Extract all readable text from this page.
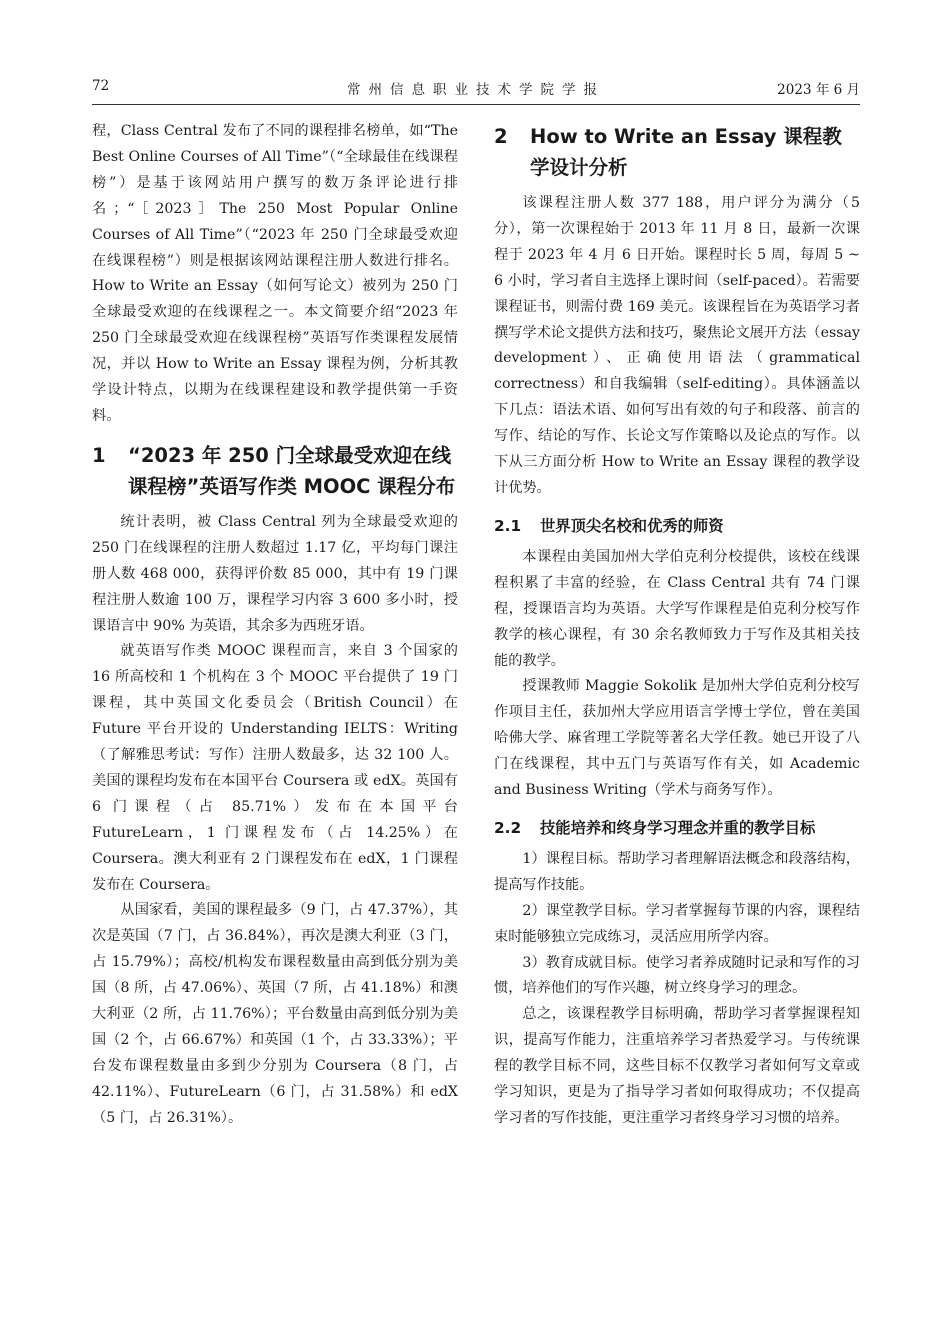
72	常州信息职业技术学院学报	2023 年 6 月

程，Class Central 发布了不同的课程排名榜单，如“The Best Online Courses of All Time”（“全球最佳在线课程榜”）是基于该网站用户撰写的数万条评论进行排名；“［2023］The 250 Most Popular Online Courses of All Time”（“2023 年 250 门全球最受欢迎在线课程榜”）则是根据该网站课程注册人数进行排名。How to Write an Essay（如何写论文）被列为 250 门全球最受欢迎的在线课程之一。本文简要介绍“2023 年 250 门全球最受欢迎在线课程榜”英语写作类课程发展情况，并以 How to Write an Essay 课程为例，分析其教学设计特点，以期为在线课程建设和教学提供第一手资料。

1	“2023 年 250 门全球最受欢迎在线课程榜”英语写作类 MOOC 课程分布

统计表明，被 Class Central 列为全球最受欢迎的 250 门在线课程的注册人数超过 1.17 亿，平均每门课注册人数 468 000，获得评价数 85 000，其中有 19 门课程注册人数逾 100 万，课程学习内容 3 600 多小时，授课语言中 90% 为英语，其余多为西班牙语。

就英语写作类 MOOC 课程而言，来自 3 个国家的 16 所高校和 1 个机构在 3 个 MOOC 平台提供了 19 门课程，其中英国文化委员会（British Council）在 Future 平台开设的 Understanding IELTS：Writing（了解雅思考试：写作）注册人数最多，达 32 100 人。美国的课程均发布在本国平台 Coursera 或 edX。英国有 6 门课程（占 85.71%）发布在本国平台 FutureLearn，1 门课程发布（占 14.25%）在 Coursera。澳大利亚有 2 门课程发布在 edX，1 门课程发布在 Coursera。

从国家看，美国的课程最多（9 门，占 47.37%），其次是英国（7 门，占 36.84%），再次是澳大利亚（3 门，占 15.79%）；高校/机构发布课程数量由高到低分别为美国（8 所，占 47.06%）、英国（7 所，占 41.18%）和澳大利亚（2 所，占 11.76%）；平台数量由高到低分别为美国（2 个，占 66.67%）和英国（1 个，占 33.33%）；平台发布课程数量由多到少分别为 Coursera（8 门，占 42.11%）、FutureLearn（6 门，占 31.58%）和 edX（5 门，占 26.31%）。

2	How to Write an Essay 课程教学设计分析

该课程注册人数 377 188，用户评分为满分（5 分），第一次课程始于 2013 年 11 月 8 日，最新一次课程于 2023 年 4 月 6 日开始。课程时长 5 周，每周 5 ~ 6 小时，学习者自主选择上课时间（self-paced）。若需要课程证书，则需付费 169 美元。该课程旨在为英语学习者撰写学术论文提供方法和技巧，聚焦论文展开方法（essay development）、正确使用语法（grammatical correctness）和自我编辑（self-editing）。具体涵盖以下几点：语法术语、如何写出有效的句子和段落、前言的写作、结论的写作、长论文写作策略以及论点的写作。以下从三方面分析 How to Write an Essay 课程的教学设计优势。

2.1	世界顶尖名校和优秀的师资

本课程由美国加州大学伯克利分校提供，该校在线课程积累了丰富的经验，在 Class Central 共有 74 门课程，授课语言均为英语。大学写作课程是伯克利分校写作教学的核心课程，有 30 余名教师致力于写作及其相关技能的教学。

授课教师 Maggie Sokolik 是加州大学伯克利分校写作项目主任，获加州大学应用语言学博士学位，曾在美国哈佛大学、麻省理工学院等著名大学任教。她已开设了八门在线课程，其中五门与英语写作有关，如 Academic and Business Writing（学术与商务写作）。

2.2	技能培养和终身学习理念并重的教学目标

1）课程目标。帮助学习者理解语法概念和段落结构，提高写作技能。

2）课堂教学目标。学习者掌握每节课的内容，课程结束时能够独立完成练习，灵活应用所学内容。

3）教育成就目标。使学习者养成随时记录和写作的习惯，培养他们的写作兴趣，树立终身学习的理念。

总之，该课程教学目标明确，帮助学习者掌握课程知识，提高写作能力，注重培养学习者热爱学习。与传统课程的教学目标不同，这些目标不仅教学习者如何写文章或学习知识，更是为了指导学习者如何取得成功；不仅提高学习者的写作技能，更注重学习者终身学习习惯的培养。
